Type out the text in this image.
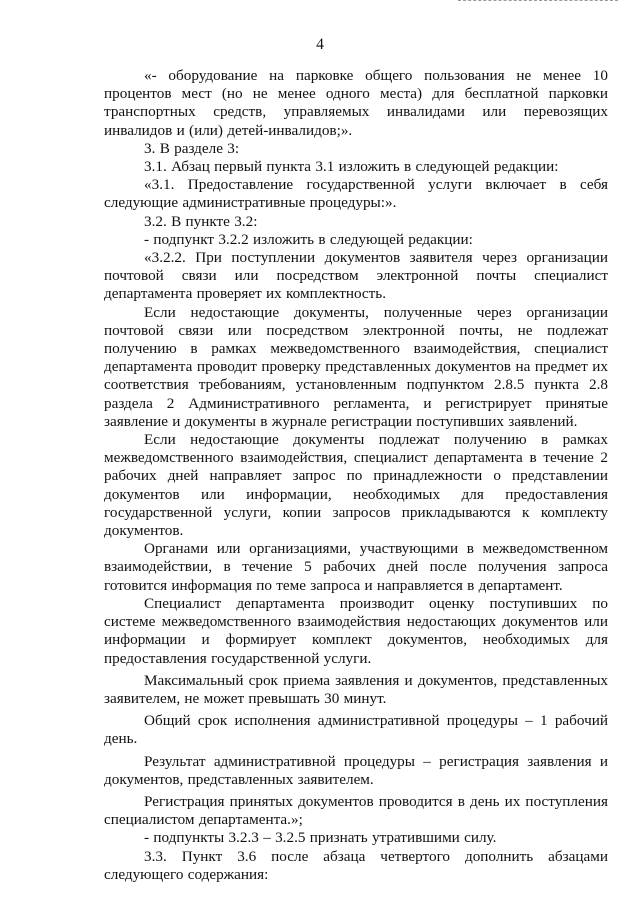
4

«- оборудование на парковке общего пользования не менее 10 процентов мест (но не менее одного места) для бесплатной парковки транспортных средств, управляемых инвалидами или перевозящих инвалидов и (или) детей-инвалидов;».

3. В разделе 3:

3.1. Абзац первый пункта 3.1 изложить в следующей редакции:

«3.1. Предоставление государственной услуги включает в себя следующие административные процедуры:».

3.2. В пункте 3.2:

- подпункт 3.2.2 изложить в следующей редакции:

«3.2.2. При поступлении документов заявителя через организации почтовой связи или посредством электронной почты специалист департамента проверяет их комплектность.

Если недостающие документы, полученные через организации почтовой связи или посредством электронной почты, не подлежат получению в рамках межведомственного взаимодействия, специалист департамента проводит проверку представленных документов на предмет их соответствия требованиям, установленным подпунктом 2.8.5 пункта 2.8 раздела 2 Административного регламента, и регистрирует принятые заявление и документы в журнале регистрации поступивших заявлений.

Если недостающие документы подлежат получению в рамках межведомственного взаимодействия, специалист департамента в течение 2 рабочих дней направляет запрос по принадлежности о представлении документов или информации, необходимых для предоставления государственной услуги, копии запросов прикладываются к комплекту документов.

Органами или организациями, участвующими в межведомственном взаимодействии, в течение 5 рабочих дней после получения запроса готовится информация по теме запроса и направляется в департамент.

Специалист департамента производит оценку поступивших по системе межведомственного взаимодействия недостающих документов или информации и формирует комплект документов, необходимых для предоставления государственной услуги.

Максимальный срок приема заявления и документов, представленных заявителем, не может превышать 30 минут.

Общий срок исполнения административной процедуры – 1 рабочий день.

Результат административной процедуры – регистрация заявления и документов, представленных заявителем.

Регистрация принятых документов проводится в день их поступления специалистом департамента.»;

- подпункты 3.2.3 – 3.2.5 признать утратившими силу.

3.3. Пункт 3.6 после абзаца четвертого дополнить абзацами следующего содержания:
